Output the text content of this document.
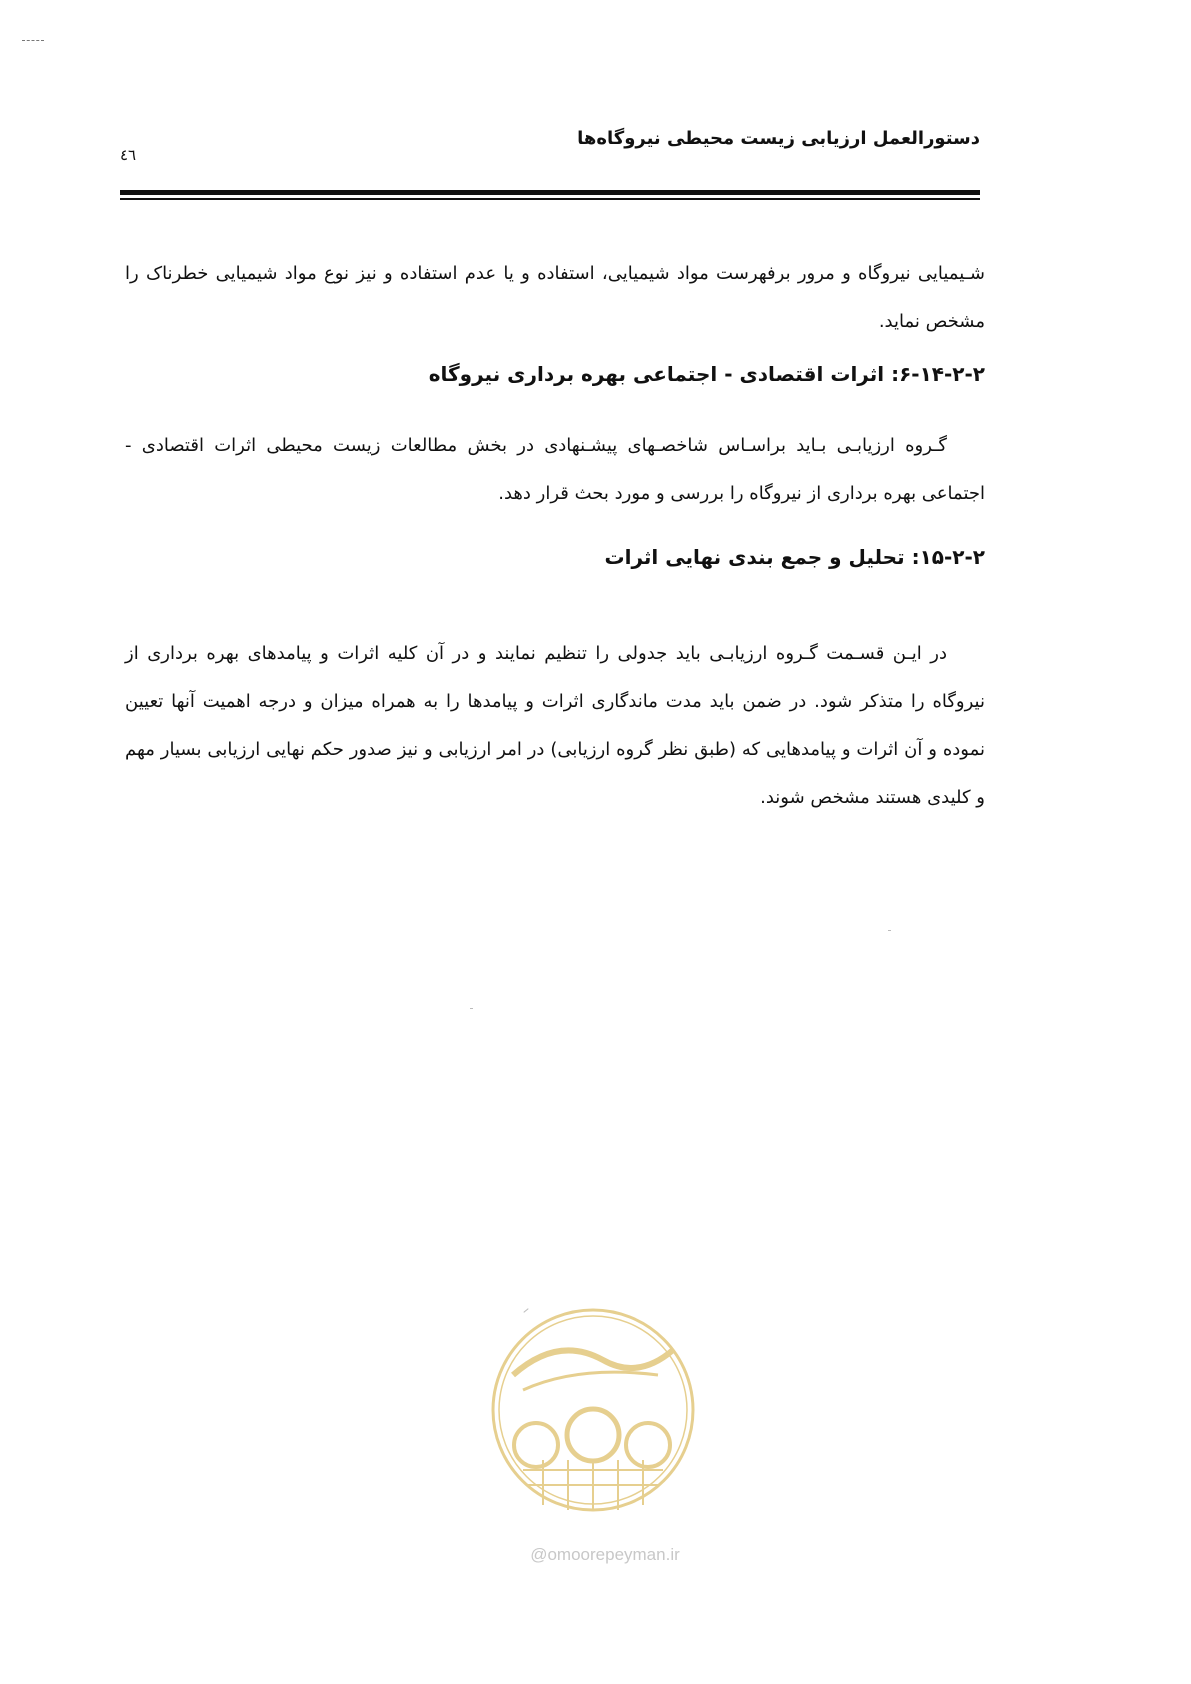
دستورالعمل ارزیابی زیست محیطی نیروگاه‌ها
٤٦

شـیمیایی نیروگاه و مرور برفهرست مواد شیمیایی، استفاده و یا عدم استفاده و نیز نوع مواد شیمیایی خطرناک را مشخص نماید.

۶-۱۴-۲-۲: اثرات اقتصادی - اجتماعی بهره برداری نیروگاه

گـروه ارزیابـی بـاید براسـاس شاخصـهای پیشـنهادی در بخش مطالعات زیست محیطی اثرات اقتصادی - اجتماعی بهره برداری از نیروگاه را بررسی و مورد بحث قرار دهد.

۱۵-۲-۲: تحلیل و جمع بندی نهایی اثرات

در ایـن قسـمت گـروه ارزیابـی باید جدولی را تنظیم نمایند و در آن کلیه اثرات و پیامدهای بهره برداری از نیروگاه را متذکر شود. در ضمن باید مدت ماندگاری اثرات و پیامدها را به همراه میزان و درجه اهمیت آنها تعیین نموده و آن اثرات و پیامدهایی که (طبق نظر گروه ارزیابی) در امر ارزیابی و نیز صدور حکم نهایی ارزیابی بسیار مهم و کلیدی هستند مشخص شوند.

@omoorepeyman.ir
